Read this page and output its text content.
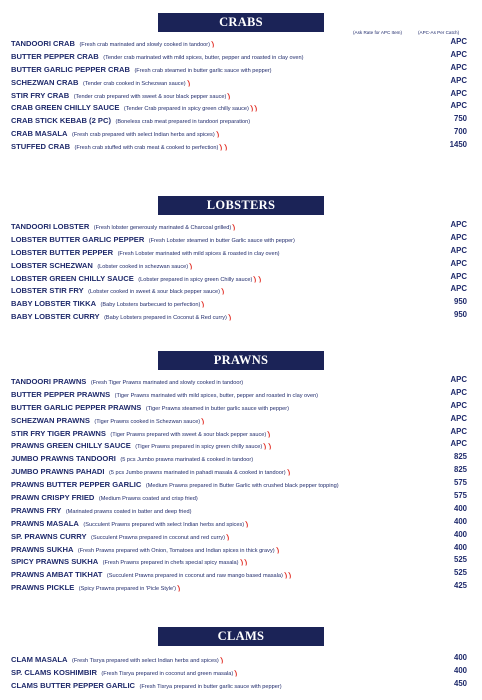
CRABS
(Ask Rate for APC Item)	(APC-As Per Catch)
TANDOORI CRAB (Fresh crab marinated and slowly cooked in tandoor))	APC
BUTTER PEPPER CRAB (Tender crab marinated with mild spices, butter, pepper and roasted in clay oven)	APC
BUTTER GARLIC PEPPER CRAB (Fresh crab steamed in butter garlic sauce with pepper)	APC
SCHEZWAN CRAB (Tender crab cooked in Schezwan sauce))	APC
STIR FRY CRAB (Tender crab prepared with sweet & sour black pepper sauce))	APC
CRAB GREEN CHILLY SAUCE (Tender Crab prepared in spicy green chilly sauce)))	APC
CRAB STICK KEBAB (2 PC) (Boneless crab meat prepared in tandoori preparation)	750
CRAB MASALA (Fresh crab prepared with select Indian herbs and spices))	700
STUFFED CRAB (Fresh crab stuffed with crab meat & cooked to perfection)))	1450
LOBSTERS
TANDOORI LOBSTER (Fresh lobster generously marinated & Charcoal grilled))	APC
LOBSTER BUTTER GARLIC PEPPER (Fresh Lobster steamed in butter Garlic sauce with pepper)	APC
LOBSTER BUTTER PEPPER (Fresh Lobster marinated with mild spices & roasted in clay oven)	APC
LOBSTER SCHEZWAN (Lobster cooked in schezwan sauce))	APC
LOBSTER GREEN CHILLY SAUCE (Lobster prepared in spicy green Chilly sauce)))	APC
LOBSTER STIR FRY (Lobster cooked in sweet & sour black pepper sauce))	APC
BABY LOBSTER TIKKA (Baby Lobsters barbecued to perfection))	950
BABY LOBSTER CURRY (Baby Lobsters prepared in Coconut & Red curry))	950
PRAWNS
TANDOORI PRAWNS (Fresh Tiger Prawns marinated and slowly cooked in tandoor)	APC
BUTTER PEPPER PRAWNS (Tiger Prawns marinated with mild spices, butter, pepper and roasted in clay oven)	APC
BUTTER GARLIC PEPPER PRAWNS (Tiger Prawns steamed in butter garlic sauce with pepper)	APC
SCHEZWAN PRAWNS (Tiger Prawns cooked in Schezwan sauce))	APC
STIR FRY TIGER PRAWNS (Tiger Prawns prepared with sweet & sour black pepper sauce))	APC
PRAWNS GREEN CHILLY SAUCE (Tiger Prawns prepared in spicy green chilly sauce)))	APC
JUMBO PRAWNS TANDOORI (5 pcs Jumbo prawns marinated & cooked in tandoor)	825
JUMBO PRAWNS PAHADI (5 pcs Jumbo prawns marinated in pahadi masala & cooked in tandoor))	825
PRAWNS BUTTER PEPPER GARLIC (Medium Prawns prepared in Butter Garlic with crushed black pepper topping)	575
PRAWN CRISPY FRIED (Medium Prawns coated and crisp fried)	575
PRAWNS FRY (Marinated prawns coated in batter and deep fried)	400
PRAWNS MASALA (Succulent Prawns prepared with select Indian herbs and spices))	400
SP. PRAWNS CURRY (Succulent Prawns prepared in coconut and red curry))	400
PRAWNS SUKHA (Fresh Prawns prepared with Onion, Tomatoes and Indian spices in thick gravy))	400
SPICY PRAWNS SUKHA (Fresh Prawns prepared in chefs special spicy masala)))	525
PRAWNS AMBAT TIKHAT (Succulent Prawns prepared in coconut and raw mango based masala)))	525
PRAWNS PICKLE (Spicy Prawns prepared in 'Picle Style'))	425
CLAMS
CLAM MASALA (Fresh Tisrya prepared with select Indian herbs and spices))	400
SP. CLAMS KOSHIMBIR (Fresh Tisrya prepared in coconut and green masala))	400
CLAMS BUTTER PEPPER GARLIC (Fresh Tisrya prepared in butter garlic sauce with pepper)	450
